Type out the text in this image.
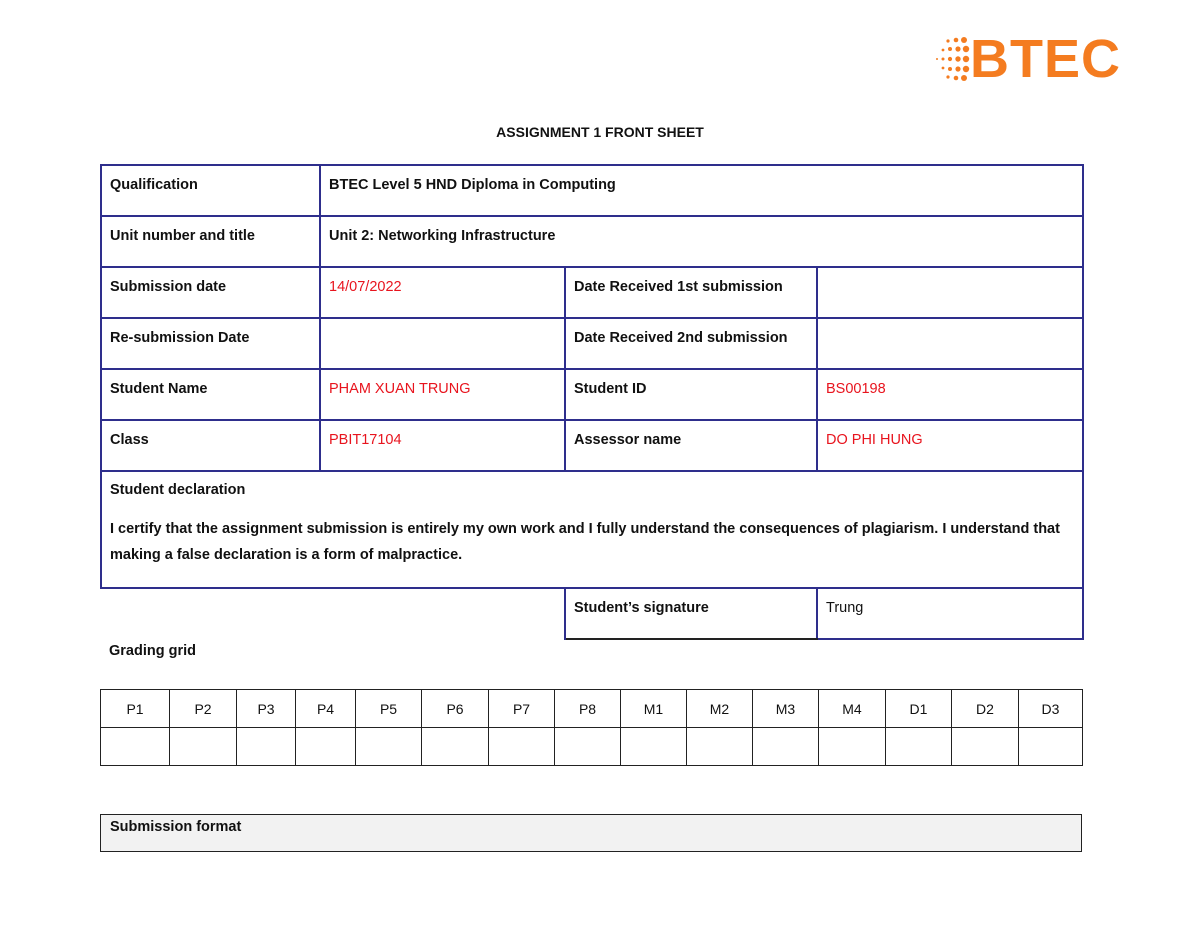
BTEC
ASSIGNMENT 1 FRONT SHEET
Qualification	BTEC Level 5 HND Diploma in Computing		
Unit number and title	Unit 2: Networking Infrastructure		
Submission date	14/07/2022	Date Received 1st submission	
Re-submission Date		Date Received 2nd submission	
Student Name	PHAM XUAN TRUNG	Student ID	BS00198
Class	PBIT17104	Assessor name	DO PHI HUNG

Student declaration
I certify that the assignment submission is entirely my own work and I fully understand the consequences of plagiarism. I understand that making a false declaration is a form of malpractice.			

		Student’s signature	Trung
Grading grid
P1	P2	P3	P4	P5	P6	P7	P8	M1	M2	M3	M4	D1	D2	D3

Submission format
